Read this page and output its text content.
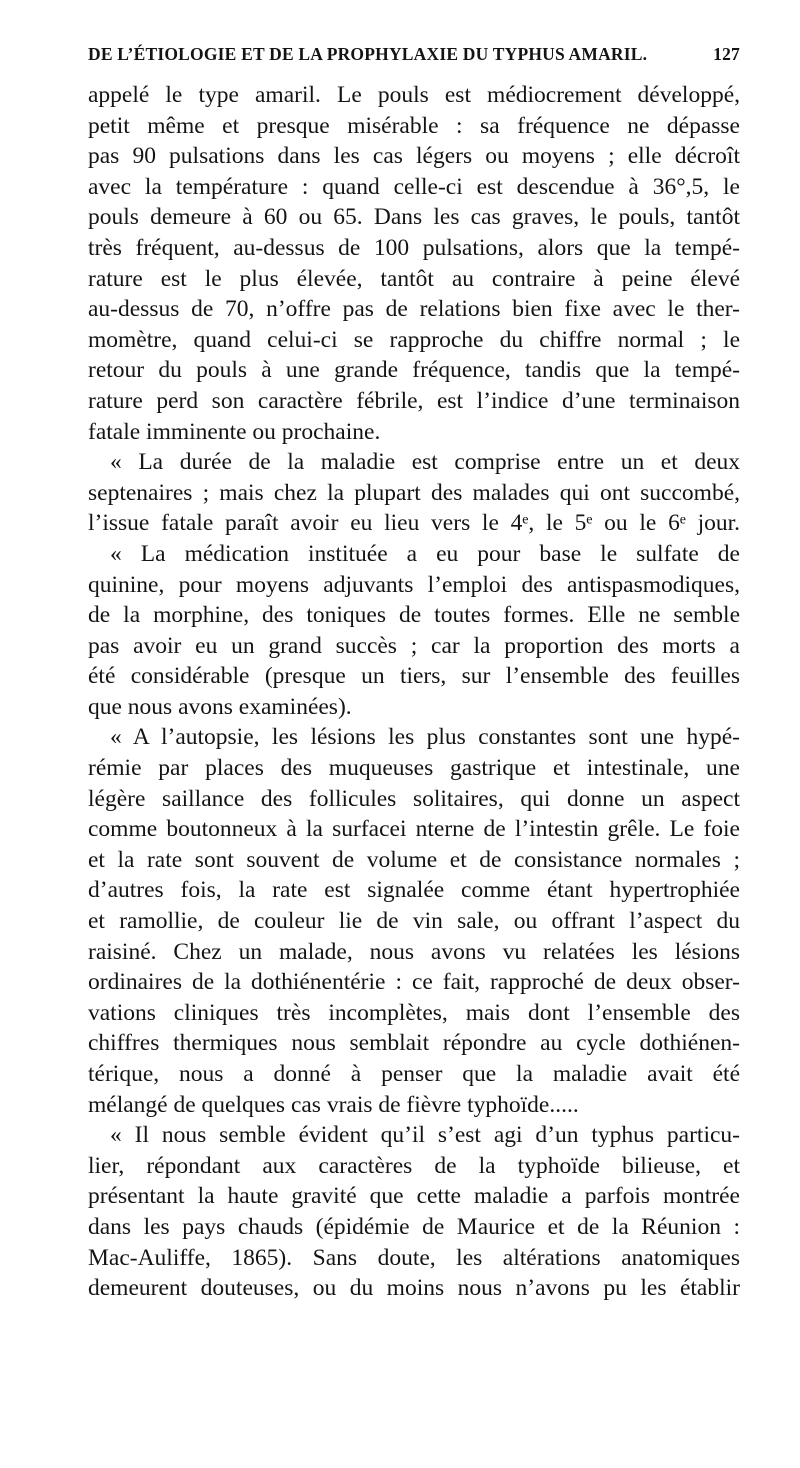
DE L’ÉTIOLOGIE ET DE LA PROPHYLAXIE DU TYPHUS AMARIL.	127
appelé le type amaril. Le pouls est médiocrement développé,
petit même et presque misérable : sa fréquence ne dépasse
pas 90 pulsations dans les cas légers ou moyens ; elle décroît
avec la température : quand celle-ci est descendue à 36°,5, le
pouls demeure à 60 ou 65. Dans les cas graves, le pouls, tantôt
très fréquent, au-dessus de 100 pulsations, alors que la tempé-
rature est le plus élevée, tantôt au contraire à peine élevé
au-dessus de 70, n’offre pas de relations bien fixe avec le ther-
momètre, quand celui-ci se rapproche du chiffre normal ; le
retour du pouls à une grande fréquence, tandis que la tempé-
rature perd son caractère fébrile, est l’indice d’une terminaison
fatale imminente ou prochaine.
« La durée de la maladie est comprise entre un et deux
septenaires ; mais chez la plupart des malades qui ont succombé,
l’issue fatale paraît avoir eu lieu vers le 4ᵉ, le 5ᵉ ou le 6ᵉ jour.
« La médication instituée a eu pour base le sulfate de
quinine, pour moyens adjuvants l’emploi des antispasmodiques,
de la morphine, des toniques de toutes formes. Elle ne semble
pas avoir eu un grand succès ; car la proportion des morts a
été considérable (presque un tiers, sur l’ensemble des feuilles
que nous avons examinées).
« A l’autopsie, les lésions les plus constantes sont une hypé-
rémie par places des muqueuses gastrique et intestinale, une
légère saillance des follicules solitaires, qui donne un aspect
comme boutonneux à la surfacei nterne de l’intestin grêle. Le foie
et la rate sont souvent de volume et de consistance normales ;
d’autres fois, la rate est signalée comme étant hypertrophiée
et ramollie, de couleur lie de vin sale, ou offrant l’aspect du
raisiné. Chez un malade, nous avons vu relatées les lésions
ordinaires de la dothiénentérie : ce fait, rapproché de deux obser-
vations cliniques très incomplètes, mais dont l’ensemble des
chiffres thermiques nous semblait répondre au cycle dothiénen-
térique, nous a donné à penser que la maladie avait été
mélangé de quelques cas vrais de fièvre typhoïde.....
« Il nous semble évident qu’il s’est agi d’un typhus particu-
lier, répondant aux caractères de la typhoïde bilieuse, et
présentant la haute gravité que cette maladie a parfois montrée
dans les pays chauds (épidémie de Maurice et de la Réunion :
Mac-Auliffe, 1865). Sans doute, les altérations anatomiques
demeurent douteuses, ou du moins nous n’avons pu les établir
